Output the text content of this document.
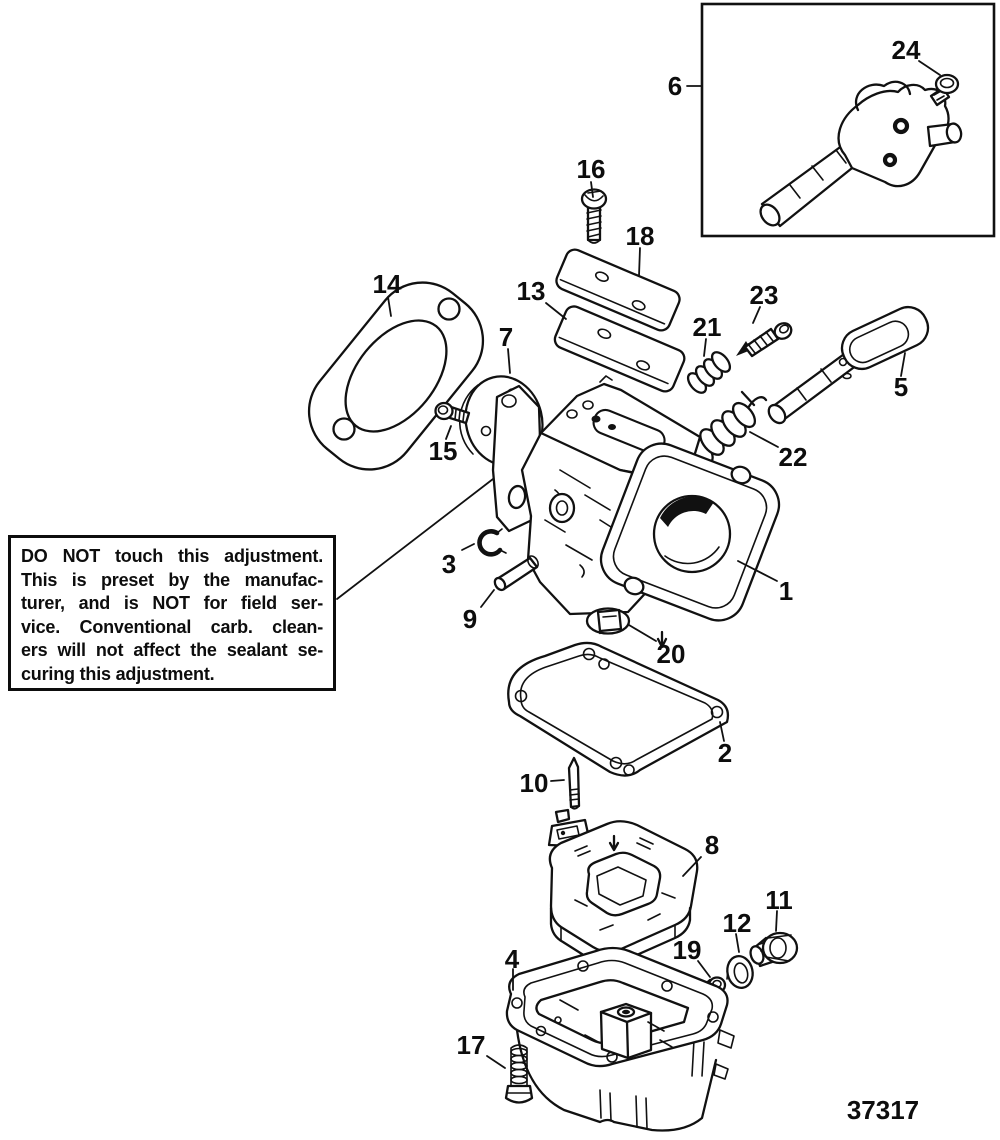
1
2
3
4
5
6
7
8
9
10
11
12
13
14
15
16
17
18
19
20
21
22
23
24
37317
DO NOT touch this adjustment.
This is preset by the manufac-
turer, and is NOT for field ser-
vice. Conventional carb. clean-
ers will not affect the sealant se-
curing this adjustment.
